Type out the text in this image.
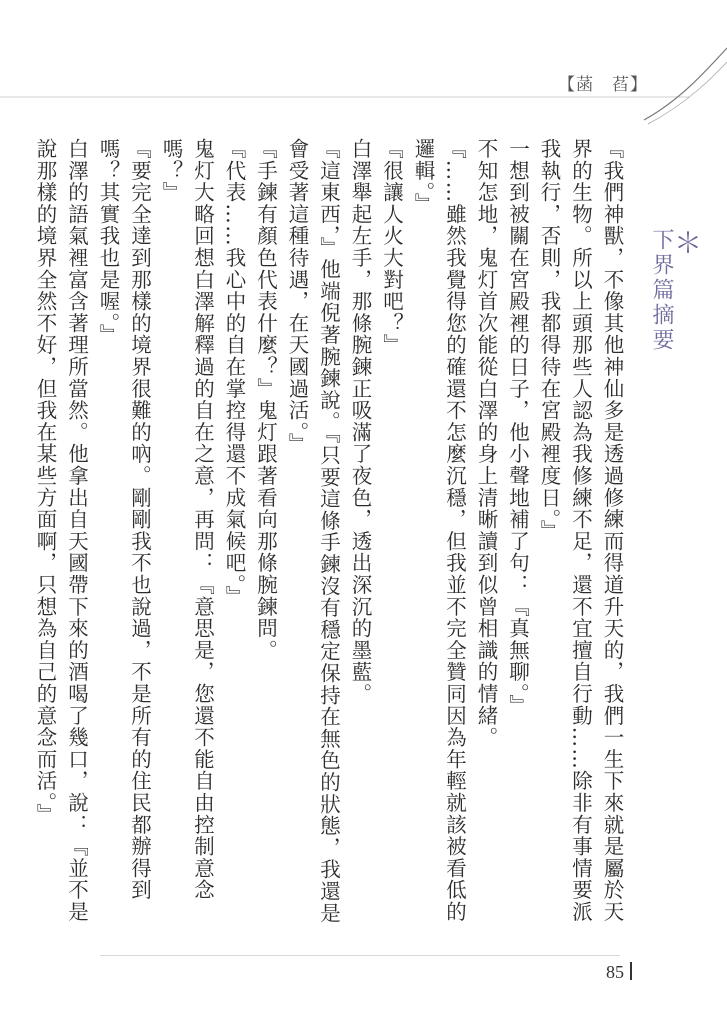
【菡　萏】
＊
下界篇摘要

『我們神獸，不像其他神仙多是透過修練而得道升天的，我們一生下來就是屬於天界的生物。所以上頭那些人認為我修練不足，還不宜擅自行動……除非有事情要派我執行，否則，我都得待在宮殿裡度日。』

一想到被關在宮殿裡的日子，他小聲地補了句：『真無聊。』

不知怎地，鬼灯首次能從白澤的身上清晰讀到似曾相識的情緒。

『……雖然我覺得您的確還不怎麼沉穩，但我並不完全贊同因為年輕就該被看低的邏輯。』

『很讓人火大對吧？』

白澤舉起左手，那條腕鍊正吸滿了夜色，透出深沉的墨藍。

『這東西，』他端倪著腕鍊說。『只要這條手鍊沒有穩定保持在無色的狀態，我還是會受著這種待遇，在天國過活。』

『手鍊有顏色代表什麼？』鬼灯跟著看向那條腕鍊問。

『代表……我心中的自在掌控得還不成氣候吧。』

鬼灯大略回想白澤解釋過的自在之意，再問：『意思是，您還不能自由控制意念嗎？』

『要完全達到那樣的境界很難的吶。剛剛我不也說過，不是所有的住民都辦得到嗎？其實我也是喔。』

白澤的語氣裡富含著理所當然。他拿出自天國帶下來的酒喝了幾口，說：『並不是說那樣的境界全然不好，但我在某些方面啊，只想為自己的意念而活。』

85
